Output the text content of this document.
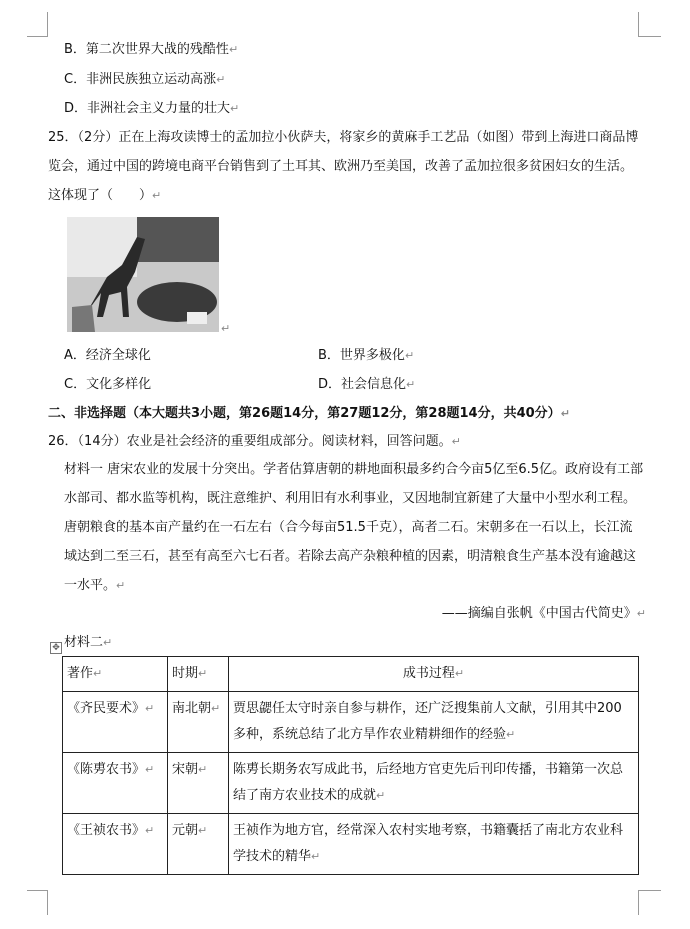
B．第二次世界大战的残酷性↵
C．非洲民族独立运动高涨↵
D．非洲社会主义力量的壮大↵
25．（2分）正在上海攻读博士的孟加拉小伙萨夫，将家乡的黄麻手工艺品（如图）带到上海进口商品博览会，通过中国的跨境电商平台销售到了土耳其、欧洲乃至美国，改善了孟加拉很多贫困妇女的生活。这体现了（　　）↵
↵
A．经济全球化	B．世界多极化↵
C．文化多样化	D．社会信息化↵
二、非选择题（本大题共3小题，第26题14分，第27题12分，第28题14分，共40分）↵
26．（14分）农业是社会经济的重要组成部分。阅读材料，回答问题。↵
材料一 唐宋农业的发展十分突出。学者估算唐朝的耕地面积最多约合今亩5亿至6.5亿。政府设有工部水部司、都水监等机构，既注意维护、利用旧有水利事业，又因地制宜新建了大量中小型水利工程。唐朝粮食的基本亩产量约在一石左右（合今每亩51.5千克），高者二石。宋朝多在一石以上，长江流域达到二至三石，甚至有高至六七石者。若除去高产杂粮种植的因素，明清粮食生产基本没有逾越这一水平。↵
——摘编自张帆《中国古代简史》↵
✥ 材料二↵
著作↵	时期↵	成书过程↵
《齐民要术》↵	南北朝↵	贾思勰任太守时亲自参与耕作，还广泛搜集前人文献，引用其中200多种，系统总结了北方旱作农业精耕细作的经验↵
《陈旉农书》↵	宋朝↵	陈旉长期务农写成此书，后经地方官吏先后刊印传播，书籍第一次总结了南方农业技术的成就↵
《王祯农书》↵	元朝↵	王祯作为地方官，经常深入农村实地考察，书籍囊括了南北方农业科学技术的精华↵
